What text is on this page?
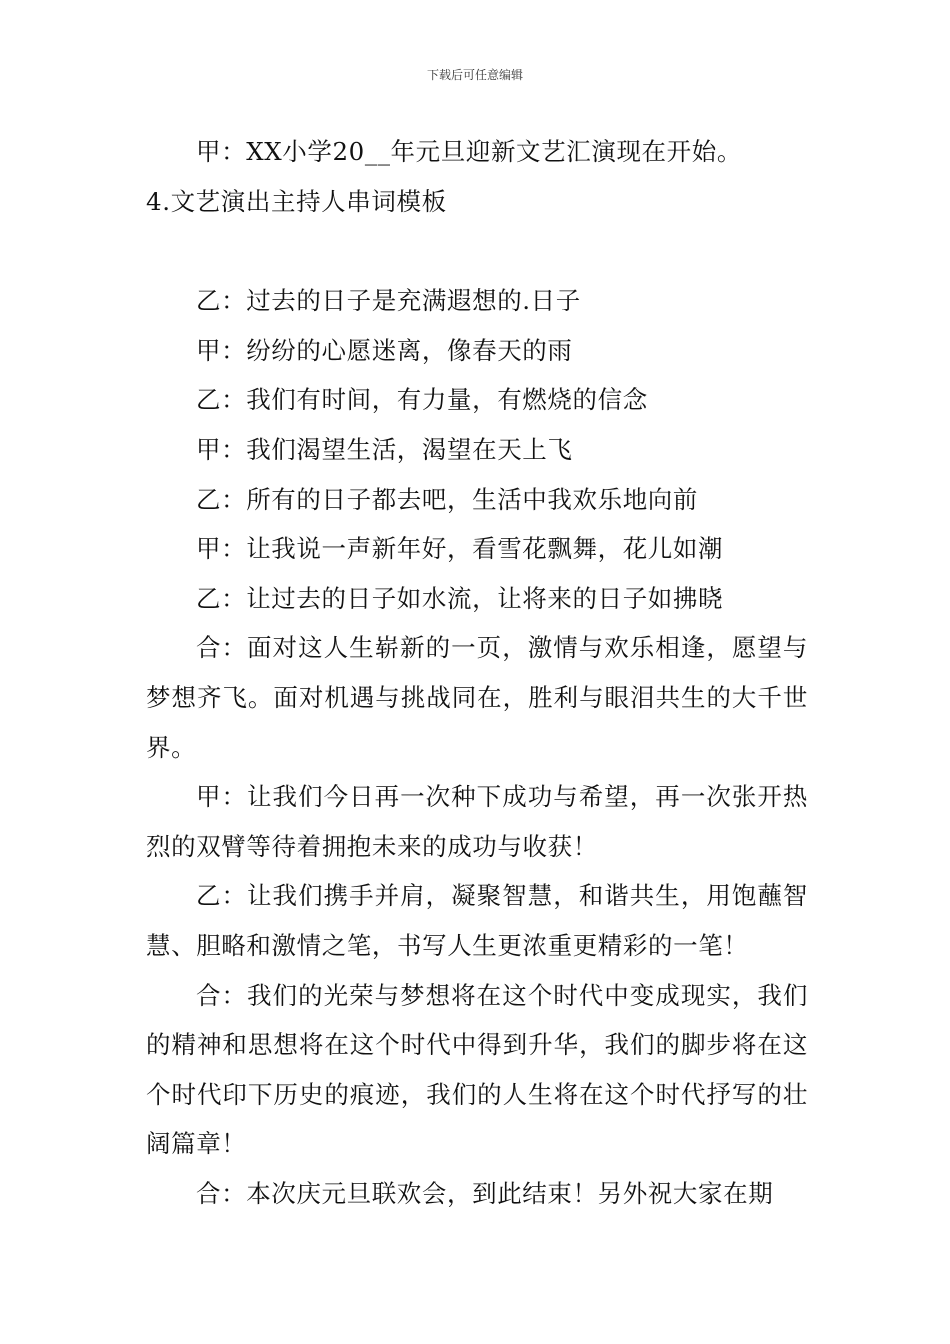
下载后可任意编辑
甲：XX小学20__年元旦迎新文艺汇演现在开始。
4.文艺演出主持人串词模板
乙：过去的日子是充满遐想的.日子
甲：纷纷的心愿迷离，像春天的雨
乙：我们有时间，有力量，有燃烧的信念
甲：我们渴望生活，渴望在天上飞
乙：所有的日子都去吧，生活中我欢乐地向前
甲：让我说一声新年好，看雪花飘舞，花儿如潮
乙：让过去的日子如水流，让将来的日子如拂晓

合：面对这人生崭新的一页，激情与欢乐相逢，愿望与梦想齐飞。面对机遇与挑战同在，胜利与眼泪共生的大千世界。

甲：让我们今日再一次种下成功与希望，再一次张开热烈的双臂等待着拥抱未来的成功与收获！

乙：让我们携手并肩，凝聚智慧，和谐共生，用饱蘸智慧、胆略和激情之笔，书写人生更浓重更精彩的一笔！

合：我们的光荣与梦想将在这个时代中变成现实，我们的精神和思想将在这个时代中得到升华，我们的脚步将在这个时代印下历史的痕迹，我们的人生将在这个时代抒写的壮阔篇章！

合：本次庆元旦联欢会，到此结束！另外祝大家在期
